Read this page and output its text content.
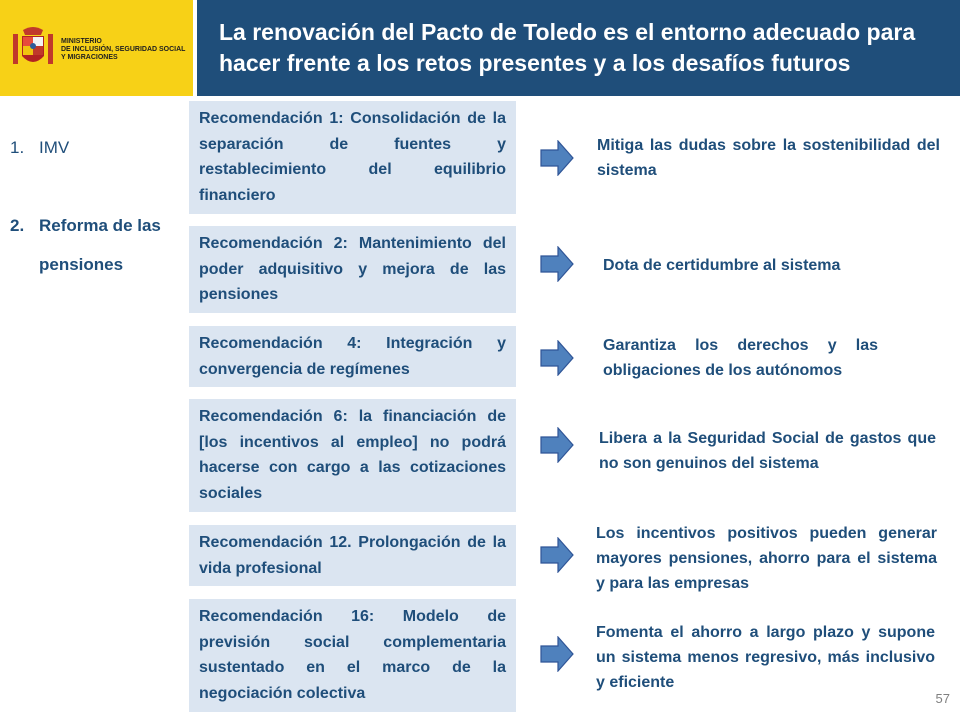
MINISTERIO
DE INCLUSIÓN, SEGURIDAD SOCIAL
Y MIGRACIONES
La renovación del Pacto de Toledo es el entorno adecuado para hacer frente a los retos presentes y a los desafíos futuros
1. IMV
2. Reforma de las
pensiones
Recomendación 1: Consolidación de la separación de fuentes y restablecimiento del equilibrio financiero
Mitiga las dudas sobre la sostenibilidad del sistema
Recomendación 2: Mantenimiento del poder adquisitivo y mejora de las pensiones
Dota de certidumbre al sistema
Recomendación 4: Integración y convergencia de regímenes
Garantiza los derechos y las obligaciones de los autónomos
Recomendación 6: la financiación de [los incentivos al empleo] no podrá hacerse con cargo a las cotizaciones sociales
Libera a la Seguridad Social de gastos que no son genuinos del sistema
Recomendación 12. Prolongación de la vida profesional
Los incentivos positivos pueden generar mayores pensiones, ahorro para el sistema y para las empresas
Recomendación 16: Modelo de previsión social complementaria sustentado en el marco de la negociación colectiva
Fomenta el ahorro a largo plazo y supone un sistema menos regresivo, más inclusivo y eficiente
57
